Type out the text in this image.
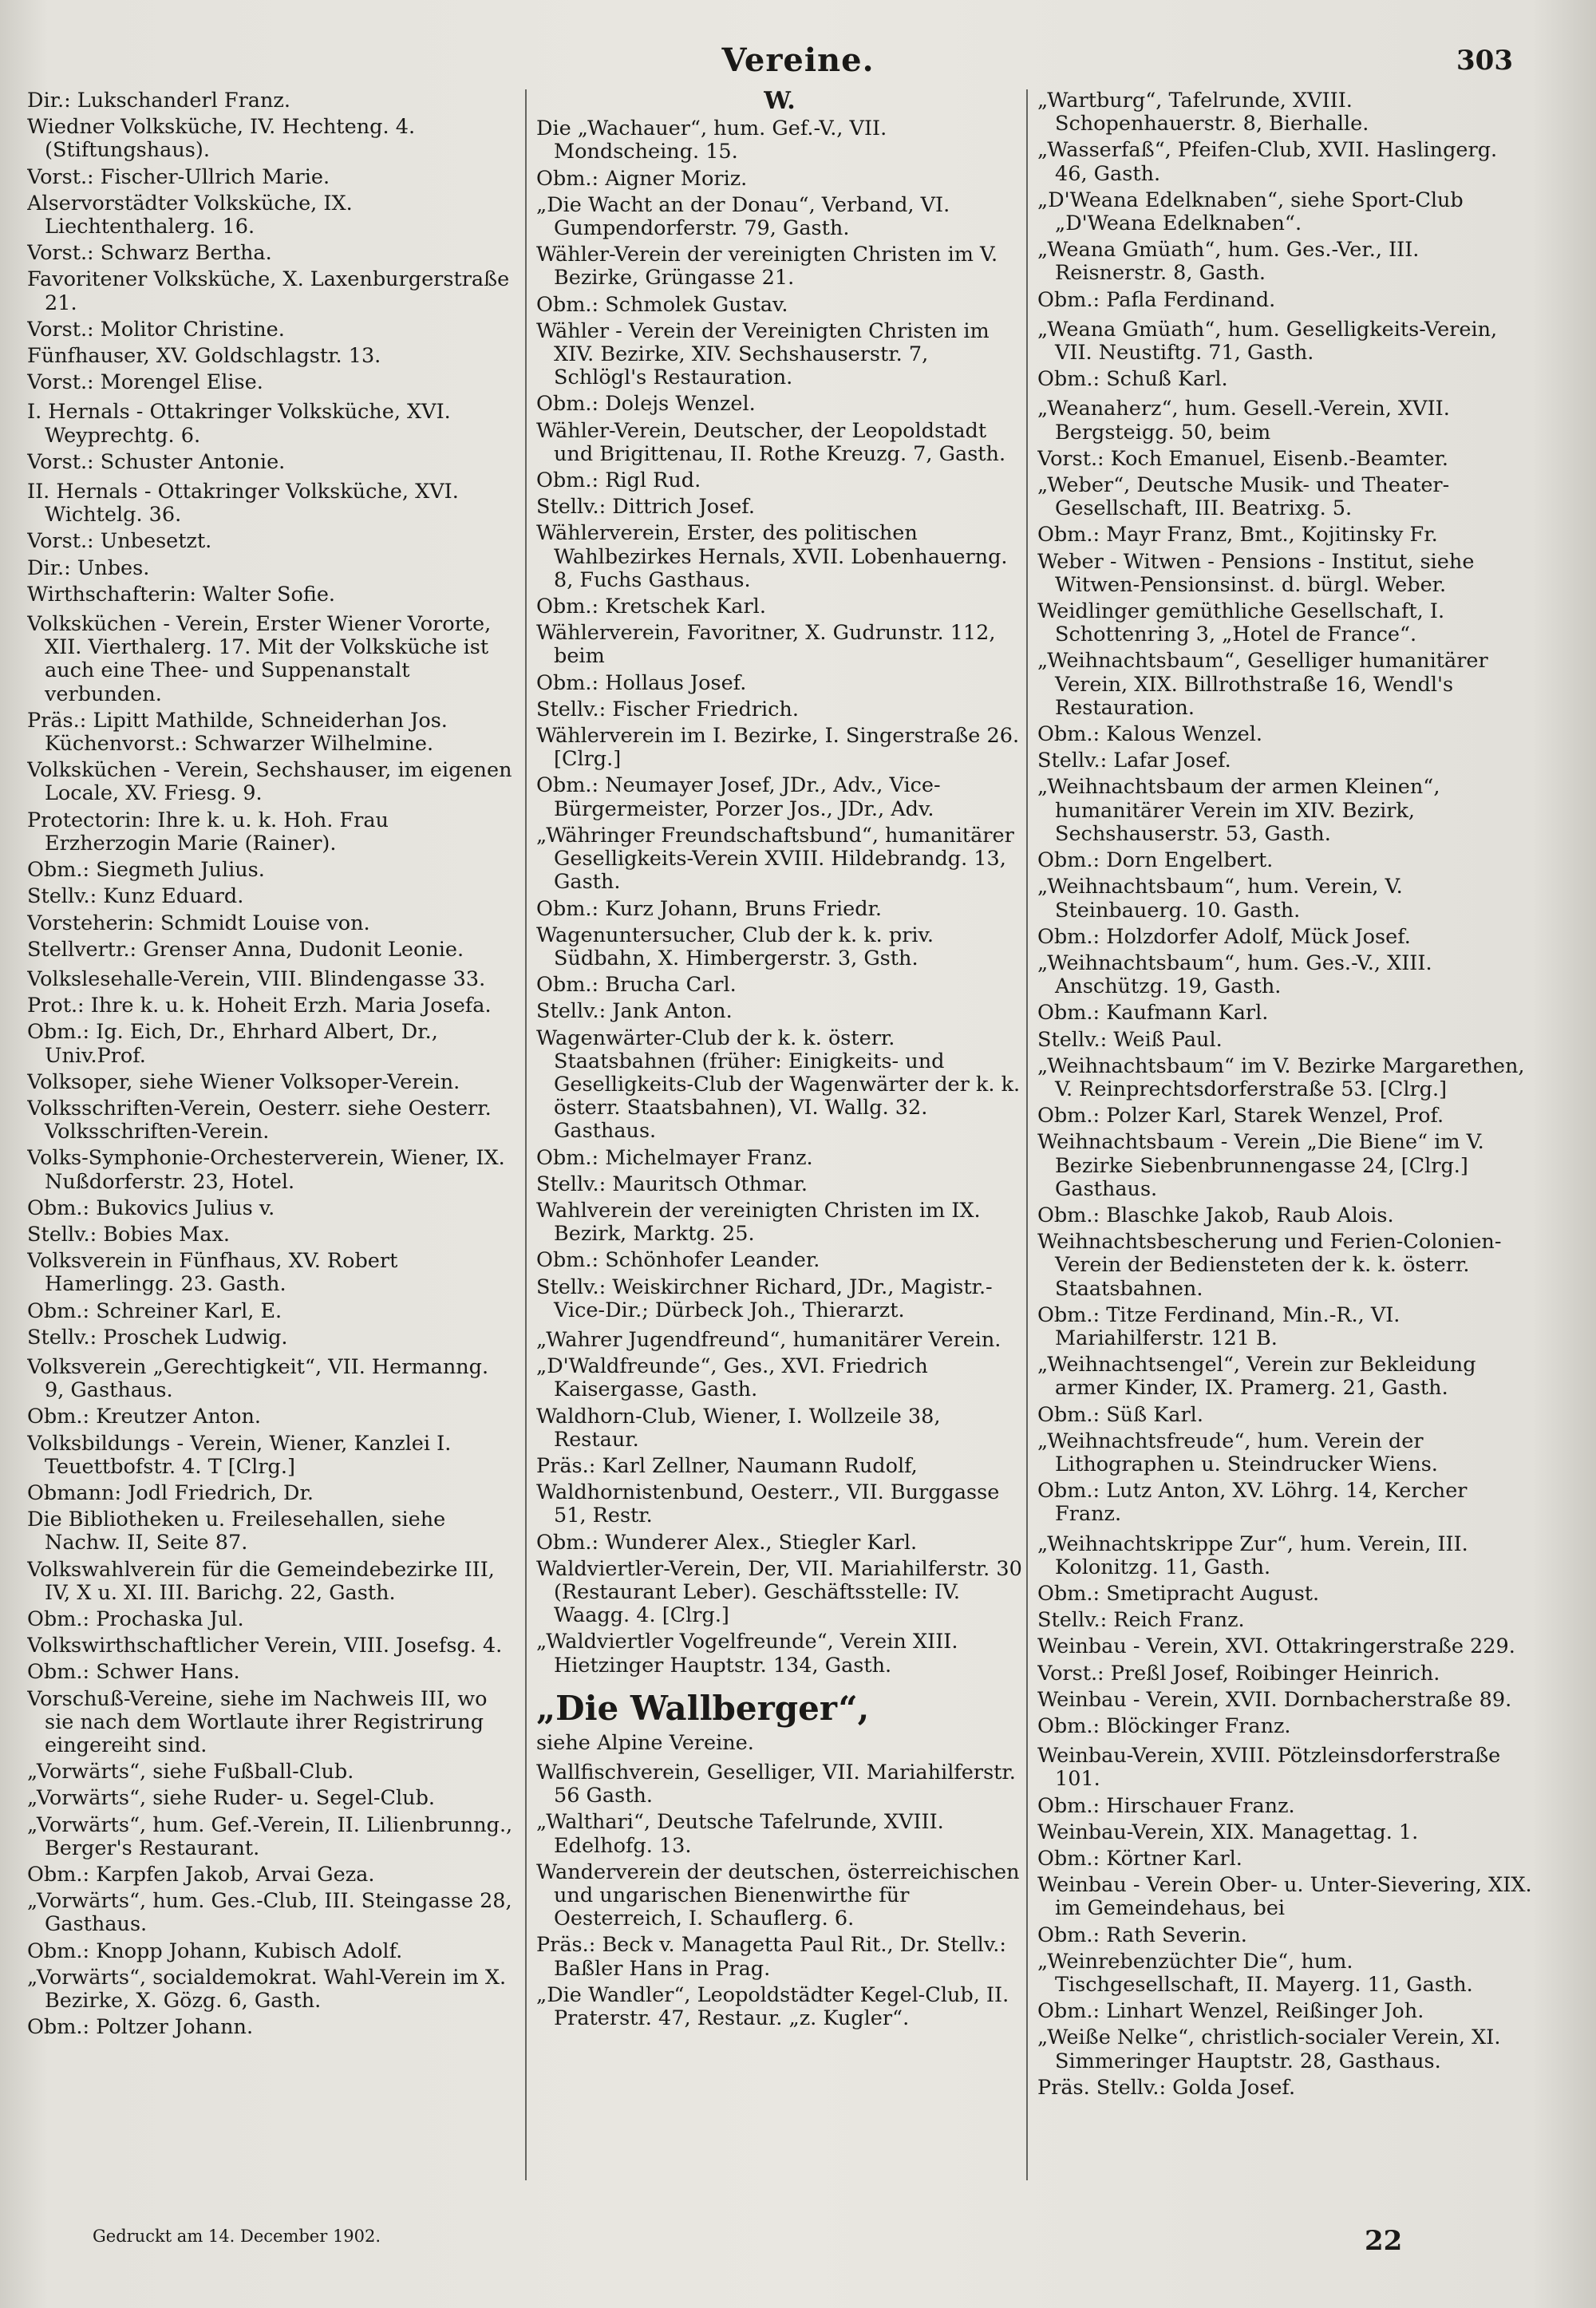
Vereine.	303

Dir.: Lukschanderl Franz.

Wiedner Volksküche, IV. Hechteng. 4. (Stiftungshaus).

Vorst.: Fischer-Ullrich Marie.

Alservorstädter Volksküche, IX. Liechtenthalerg. 16.

Vorst.: Schwarz Bertha.

Favoritener Volksküche, X. Laxenburgerstraße 21.

Vorst.: Molitor Christine.

Fünfhauser, XV. Goldschlagstr. 13.

Vorst.: Morengel Elise.

I. Hernals - Ottakringer Volksküche, XVI. Weyprechtg. 6.

Vorst.: Schuster Antonie.

II. Hernals - Ottakringer Volksküche, XVI. Wichtelg. 36.

Vorst.: Unbesetzt.

Dir.: Unbes.

Wirthschafterin: Walter Sofie.

Volksküchen - Verein, Erster Wiener Vororte, XII. Vierthalerg. 17. Mit der Volksküche ist auch eine Thee- und Suppenanstalt verbunden.

Präs.: Lipitt Mathilde, Schneiderhan Jos. Küchenvorst.: Schwarzer Wilhelmine.

Volksküchen - Verein, Sechshauser, im eigenen Locale, XV. Friesg. 9.

Protectorin: Ihre k. u. k. Hoh. Frau Erzherzogin Marie (Rainer).

Obm.: Siegmeth Julius.

Stellv.: Kunz Eduard.

Vorsteherin: Schmidt Louise von.

Stellvertr.: Grenser Anna, Dudonit Leonie.

Volkslesehalle-Verein, VIII. Blindengasse 33.

Prot.: Ihre k. u. k. Hoheit Erzh. Maria Josefa.

Obm.: Ig. Eich, Dr., Ehrhard Albert, Dr., Univ.Prof.

Volksoper, siehe Wiener Volksoper-Verein.

Volksschriften-Verein, Oesterr. siehe Oesterr. Volksschriften-Verein.

Volks-Symphonie-Orchesterverein, Wiener, IX. Nußdorferstr. 23, Hotel.

Obm.: Bukovics Julius v.

Stellv.: Bobies Max.

Volksverein in Fünfhaus, XV. Robert Hamerlingg. 23. Gasth.

Obm.: Schreiner Karl, E.

Stellv.: Proschek Ludwig.

Volksverein „Gerechtigkeit“, VII. Hermanng. 9, Gasthaus.

Obm.: Kreutzer Anton.

Volksbildungs - Verein, Wiener, Kanzlei I. Teuettbofstr. 4. T [Clrg.]

Obmann: Jodl Friedrich, Dr.

Die Bibliotheken u. Freilesehallen, siehe Nachw. II, Seite 87.

Volkswahlverein für die Gemeindebezirke III, IV, X u. XI. III. Barichg. 22, Gasth.

Obm.: Prochaska Jul.

Volkswirthschaftlicher Verein, VIII. Josefsg. 4.

Obm.: Schwer Hans.

Vorschuß-Vereine, siehe im Nachweis III, wo sie nach dem Wortlaute ihrer Registrirung eingereiht sind.

„Vorwärts“, siehe Fußball-Club.

„Vorwärts“, siehe Ruder- u. Segel-Club.

„Vorwärts“, hum. Gef.-Verein, II. Lilienbrunng., Berger's Restaurant.

Obm.: Karpfen Jakob, Arvai Geza.

„Vorwärts“, hum. Ges.-Club, III. Steingasse 28, Gasthaus.

Obm.: Knopp Johann, Kubisch Adolf.

„Vorwärts“, socialdemokrat. Wahl-Verein im X. Bezirke, X. Gözg. 6, Gasth.

Obm.: Poltzer Johann.

W.

Die „Wachauer“, hum. Gef.-V., VII. Mondscheing. 15.

Obm.: Aigner Moriz.

„Die Wacht an der Donau“, Verband, VI. Gumpendorferstr. 79, Gasth.

Wähler-Verein der vereinigten Christen im V. Bezirke, Grüngasse 21.

Obm.: Schmolek Gustav.

Wähler - Verein der Vereinigten Christen im XIV. Bezirke, XIV. Sechshauserstr. 7, Schlögl's Restauration.

Obm.: Dolejs Wenzel.

Wähler-Verein, Deutscher, der Leopoldstadt und Brigittenau, II. Rothe Kreuzg. 7, Gasth.

Obm.: Rigl Rud.

Stellv.: Dittrich Josef.

Wählerverein, Erster, des politischen Wahlbezirkes Hernals, XVII. Lobenhauerng. 8, Fuchs Gasthaus.

Obm.: Kretschek Karl.

Wählerverein, Favoritner, X. Gudrunstr. 112, beim

Obm.: Hollaus Josef.

Stellv.: Fischer Friedrich.

Wählerverein im I. Bezirke, I. Singerstraße 26. [Clrg.]

Obm.: Neumayer Josef, JDr., Adv., Vice-Bürgermeister, Porzer Jos., JDr., Adv.

„Währinger Freundschaftsbund“, humanitärer Geselligkeits-Verein XVIII. Hildebrandg. 13, Gasth.

Obm.: Kurz Johann, Bruns Friedr.

Wagenuntersucher, Club der k. k. priv. Südbahn, X. Himbergerstr. 3, Gsth.

Obm.: Brucha Carl.

Stellv.: Jank Anton.

Wagenwärter-Club der k. k. österr. Staatsbahnen (früher: Einigkeits- und Geselligkeits-Club der Wagenwärter der k. k. österr. Staatsbahnen), VI. Wallg. 32. Gasthaus.

Obm.: Michelmayer Franz.

Stellv.: Mauritsch Othmar.

Wahlverein der vereinigten Christen im IX. Bezirk, Marktg. 25.

Obm.: Schönhofer Leander.

Stellv.: Weiskirchner Richard, JDr., Magistr.-Vice-Dir.; Dürbeck Joh., Thierarzt.

„Wahrer Jugendfreund“, humanitärer Verein.

„D'Waldfreunde“, Ges., XVI. Friedrich Kaisergasse, Gasth.

Waldhorn-Club, Wiener, I. Wollzeile 38, Restaur.

Präs.: Karl Zellner, Naumann Rudolf,

Waldhornistenbund, Oesterr., VII. Burggasse 51, Restr.

Obm.: Wunderer Alex., Stiegler Karl.

Waldviertler-Verein, Der, VII. Mariahilferstr. 30 (Restaurant Leber). Geschäftsstelle: IV. Waagg. 4. [Clrg.]

„Waldviertler Vogelfreunde“, Verein XIII. Hietzinger Hauptstr. 134, Gasth.

„Die Wallberger“,

siehe Alpine Vereine.

Wallfischverein, Geselliger, VII. Mariahilferstr. 56 Gasth.

„Walthari“, Deutsche Tafelrunde, XVIII. Edelhofg. 13.

Wanderverein der deutschen, österreichischen und ungarischen Bienenwirthe für Oesterreich, I. Schauflerg. 6.

Präs.: Beck v. Managetta Paul Rit., Dr. Stellv.: Baßler Hans in Prag.

„Die Wandler“, Leopoldstädter Kegel-Club, II. Praterstr. 47, Restaur. „z. Kugler“.

„Wartburg“, Tafelrunde, XVIII. Schopenhauerstr. 8, Bierhalle.

„Wasserfaß“, Pfeifen-Club, XVII. Haslingerg. 46, Gasth.

„D'Weana Edelknaben“, siehe Sport-Club „D'Weana Edelknaben“.

„Weana Gmüath“, hum. Ges.-Ver., III. Reisnerstr. 8, Gasth.

Obm.: Pafla Ferdinand.

„Weana Gmüath“, hum. Geselligkeits-Verein, VII. Neustiftg. 71, Gasth.

Obm.: Schuß Karl.

„Weanaherz“, hum. Gesell.-Verein, XVII. Bergsteigg. 50, beim

Vorst.: Koch Emanuel, Eisenb.-Beamter.

„Weber“, Deutsche Musik- und Theater-Gesellschaft, III. Beatrixg. 5.

Obm.: Mayr Franz, Bmt., Kojitinsky Fr.

Weber - Witwen - Pensions - Institut, siehe Witwen-Pensionsinst. d. bürgl. Weber.

Weidlinger gemüthliche Gesellschaft, I. Schottenring 3, „Hotel de France“.

„Weihnachtsbaum“, Geselliger humanitärer Verein, XIX. Billrothstraße 16, Wendl's Restauration.

Obm.: Kalous Wenzel.

Stellv.: Lafar Josef.

„Weihnachtsbaum der armen Kleinen“, humanitärer Verein im XIV. Bezirk, Sechshauserstr. 53, Gasth.

Obm.: Dorn Engelbert.

„Weihnachtsbaum“, hum. Verein, V. Steinbauerg. 10. Gasth.

Obm.: Holzdorfer Adolf, Mück Josef.

„Weihnachtsbaum“, hum. Ges.-V., XIII. Anschützg. 19, Gasth.

Obm.: Kaufmann Karl.

Stellv.: Weiß Paul.

„Weihnachtsbaum“ im V. Bezirke Margarethen, V. Reinprechtsdorferstraße 53. [Clrg.]

Obm.: Polzer Karl, Starek Wenzel, Prof.

Weihnachtsbaum - Verein „Die Biene“ im V. Bezirke Siebenbrunnengasse 24, [Clrg.] Gasthaus.

Obm.: Blaschke Jakob, Raub Alois.

Weihnachtsbescherung und Ferien-Colonien-Verein der Bediensteten der k. k. österr. Staatsbahnen.

Obm.: Titze Ferdinand, Min.-R., VI. Mariahilferstr. 121 B.

„Weihnachtsengel“, Verein zur Bekleidung armer Kinder, IX. Pramerg. 21, Gasth.

Obm.: Süß Karl.

„Weihnachtsfreude“, hum. Verein der Lithographen u. Steindrucker Wiens.

Obm.: Lutz Anton, XV. Löhrg. 14, Kercher Franz.

„Weihnachtskrippe Zur“, hum. Verein, III. Kolonitzg. 11, Gasth.

Obm.: Smetipracht August.

Stellv.: Reich Franz.

Weinbau - Verein, XVI. Ottakringerstraße 229.

Vorst.: Preßl Josef, Roibinger Heinrich.

Weinbau - Verein, XVII. Dornbacherstraße 89.

Obm.: Blöckinger Franz.

Weinbau-Verein, XVIII. Pötzleinsdorferstraße 101.

Obm.: Hirschauer Franz.

Weinbau-Verein, XIX. Managettag. 1.

Obm.: Körtner Karl.

Weinbau - Verein Ober- u. Unter-Sievering, XIX. im Gemeindehaus, bei

Obm.: Rath Severin.

„Weinrebenzüchter Die“, hum. Tischgesellschaft, II. Mayerg. 11, Gasth.

Obm.: Linhart Wenzel, Reißinger Joh.

„Weiße Nelke“, christlich-socialer Verein, XI. Simmeringer Hauptstr. 28, Gasthaus.

Präs. Stellv.: Golda Josef.

Gedruckt am 14. December 1902.	22
